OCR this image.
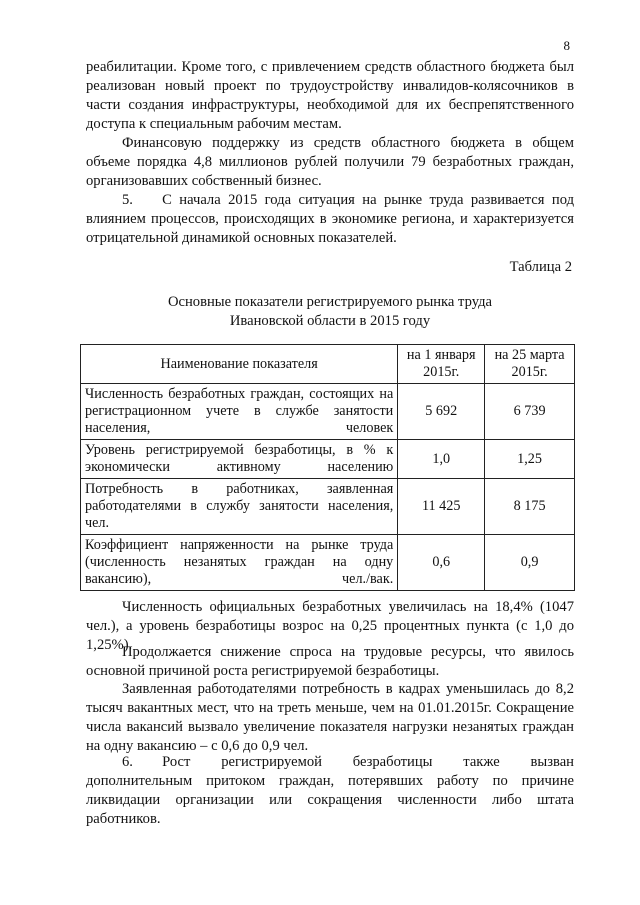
8

реабилитации. Кроме того, с привлечением средств областного бюджета был реализован новый проект по трудоустройству инвалидов-колясочников в части создания инфраструктуры, необходимой для их беспрепятственного доступа к специальным рабочим местам.

Финансовую поддержку из средств областного бюджета в общем объеме порядка 4,8 миллионов рублей получили 79 безработных граждан, организовавших собственный бизнес.

5.  С начала 2015 года ситуация на рынке труда развивается под влиянием процессов, происходящих в экономике региона, и характеризуется отрицательной динамикой основных показателей.

Таблица 2
Основные показатели регистрируемого рынка труда
Ивановской области в 2015 году
Наименование показателя	на 1 января 2015г.	на 25 марта 2015г.
Численность безработных граждан, состоящих на регистрационном учете в службе занятости населения, человек	5 692	6 739
Уровень регистрируемой безработицы, в % к экономически активному населению	1,0	1,25
Потребность в работниках, заявленная работодателями в службу занятости населения, чел.	11 425	8 175
Коэффициент напряженности на рынке труда (численность незанятых граждан на одну вакансию), чел./вак.	0,6	0,9

Численность официальных безработных увеличилась на 18,4% (1047 чел.), а уровень безработицы возрос на 0,25 процентных пункта (с 1,0 до 1,25%).

Продолжается снижение спроса на трудовые ресурсы, что явилось основной причиной роста регистрируемой безработицы.

Заявленная работодателями потребность в кадрах уменьшилась до 8,2 тысяч вакантных мест, что на треть меньше, чем на 01.01.2015г. Сокращение числа вакансий вызвало увеличение показателя нагрузки незанятых граждан на одну вакансию – с 0,6 до 0,9 чел.

6.  Рост регистрируемой безработицы также вызван дополнительным притоком граждан, потерявших работу по причине ликвидации организации или сокращения численности либо штата работников.
